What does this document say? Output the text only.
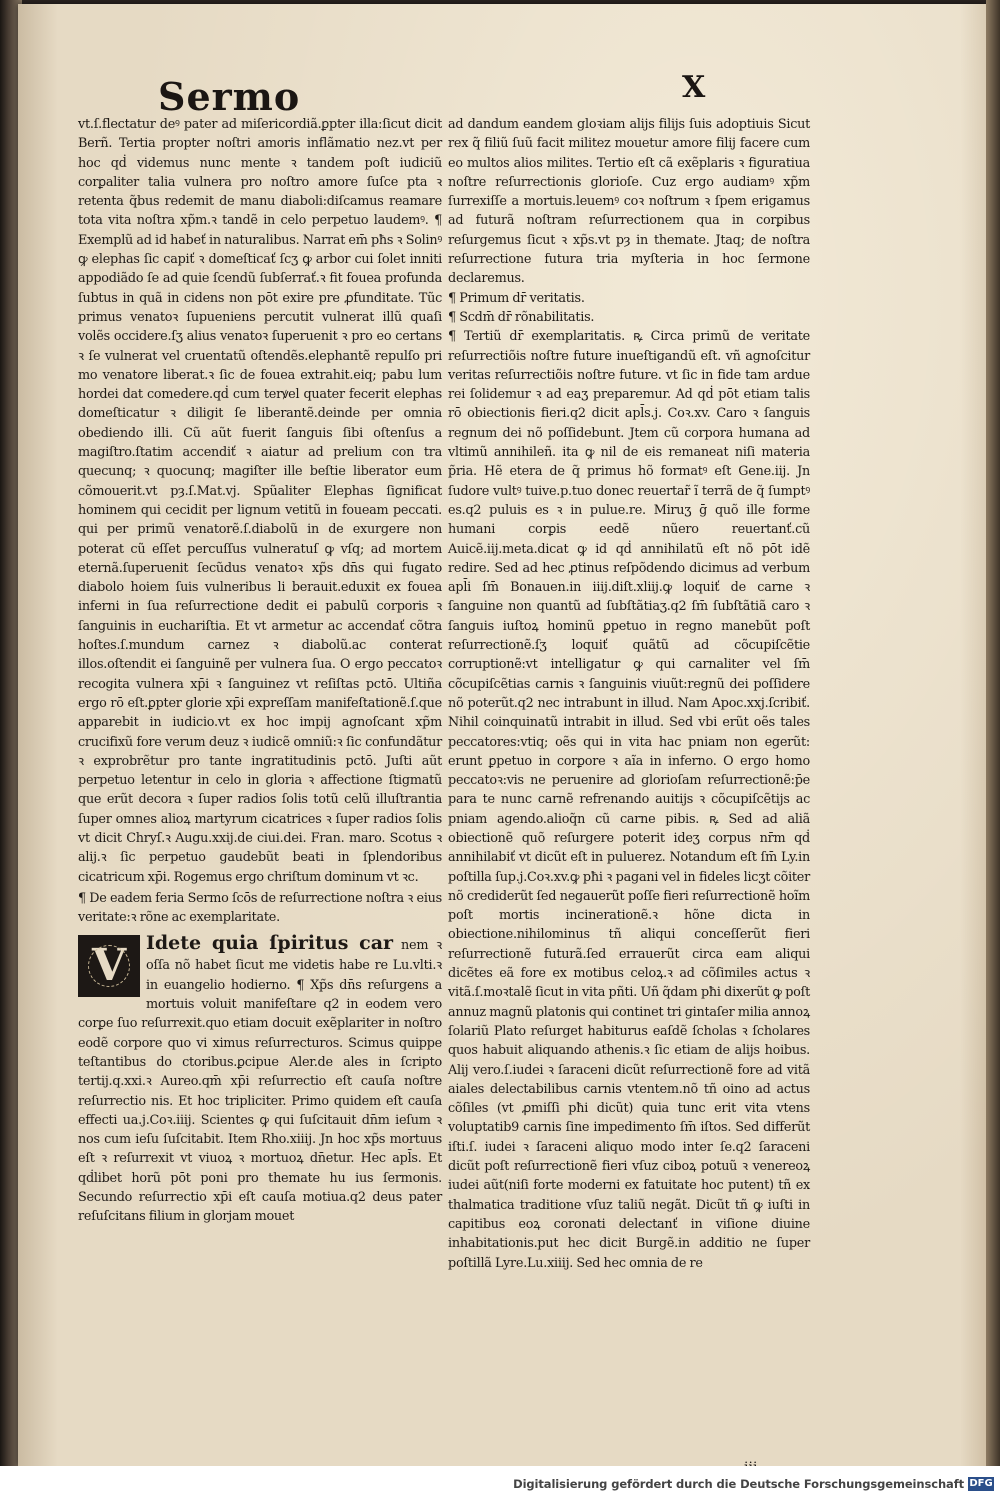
Sermo	X

vt.ſ.flectatur deꝰ pater ad miſericordiã.ꝑpter illa:ſicut dicit Berñ. Tertia propter noſtri amoris inflãmatio nez.vt per hoc qḋ videmus nunc mente ꝛ tandem poſt iudiciũ corꝑaliter talia vulnera pro noſtro amore ſuſce pta ꝛ retenta q̃bus redemit de manu diaboli:diſcamus reamare tota vita noſtra xp̃m.ꝛ tandẽ in celo perpetuo laudemꝰ. ¶ Exemplũ ad id habeť in naturalibus. Narrat em̄ pħs ꝛ Solinꝰ ꝙ elephas ſic capiť ꝛ domeſticať ſcʒ ꝙ arbor cui ſolet inniti appodiãdo ſe ad quie ſcendũ ſubſerrať.ꝛ fit fouea profunda ſubtus in quã in cidens non pōt exire pre ꝓfunditate. Tũc primus venatoꝛ ſupueniens percutit vulnerat illũ quaſi volẽs occidere.ſʒ alius venatoꝛ ſuperuenit ꝛ pro eo certans ꝛ ſe vulnerat vel cruentatũ oſtendẽs.elephantẽ repulſo pri mo venatore liberat.ꝛ ſic de fouea extrahit.eiq; pabu lum hordei dat comedere.qḋ cum terꝟel quater fecerit elephas domeſticatur ꝛ diligit ſe liberantẽ.deinde per omnia obediendo illi. Cũ aũt fuerit ſanguis ſibi oſtenſus a magiſtro.ſtatim accendiť ꝛ aiatur ad prelium con tra quecunq; ꝛ quocunq; magiſter ille beſtie liberator eum cõmouerit.vt pȝ.ſ.Mat.vj. Spũaliter Elephas ſignificat hominem qui cecidit per lignum vetitũ in foueam peccati. qui per primũ venatorẽ.ſ.diabolũ in de exurgere non poterat cũ eſſet percuſſus vulneratuſ ꝙ vſq; ad mortem eternã.ſuperuenit ſecũdus venatoꝛ xp̃s dn̄s qui fugato diabolo hoiem ſuis vulneribus li berauit.eduxit ex fouea inferni in ſua reſurrectione dedit ei pabulũ corporis ꝛ ſanguinis in euchariſtia. Et vt armetur ac accendať cõtra hoſtes.ſ.mundum carnez ꝛ diabolũ.ac conterat illos.oſtendit ei ſanguinẽ per vulnera ſua. O ergo peccatoꝛ recogita vulnera xp̄i ꝛ ſanguinez vt reſiſtas pctō. Ultiña ergo rō eſt.ꝑpter glorie xp̄i expreſſam manifeſtationẽ.ſ.que apparebit in iudicio.vt ex hoc impij agnoſcant xp̃m crucifixũ fore verum deuz ꝛ iudicẽ omniũ:ꝛ ſic confundãtur ꝛ exprobrẽtur pro tante ingratitudinis pctō. Juſti aũt perpetuo letentur in celo in gloria ꝛ affectione ſtigmatũ que erũt decora ꝛ ſuper radios ſolis totũ celũ illuſtrantia ſuper omnes alioꝝ martyrum cicatrices ꝛ ſuper radios ſolis vt dicit Chryſ.ꝛ Augu.xxij.de ciui.dei. Fran. maro. Scotus ꝛ alij.ꝛ ſic perpetuo gaudebũt beati in ſplendoribus cicatricum xp̄i. Rogemus ergo chriſtum dominum vt ꝛc.

¶ De eadem feria Sermo ſcōs de reſurrectione noſtra ꝛ eius veritate:ꝛ rõne ac exemplaritate.

V	Idete quia ſpiritus car nem ꝛ oſſa nõ habet ſicut me videtis habe re Lu.vlti.ꝛ in euangelio hodierno. ¶ Xp̃s dn̄s reſurgens a mortuis voluit manifeſtare q2 in eodem vero corꝑe ſuo reſurrexit.quo etiam docuit exẽplariter in noſtro eodẽ corpore quo vi ximus reſurrecturos. Scimus quippe teſtantibus do ctoribus.ꝑcipue Aler.de ales in ſcripto tertij.q.xxi.ꝛ Aureo.qm̄ xp̄i reſurrectio eſt cauſa noſtre reſurrectio nis. Et hoc tripliciter. Primo quidem eſt cauſa effecti ua.j.Coꝛ.iiij. Scientes ꝙ qui ſuſcitauit dn̄m ieſum ꝛ nos cum ieſu ſuſcitabit. Item Rho.xiiij. Jn hoc xp̃s mortuus eſt ꝛ reſurrexit vt viuoꝝ ꝛ mortuoꝝ dn̄etur. Hec apl̄s. Et qḋlibet horũ pōt poni pro themate hu ius ſermonis. Secundo reſurrectio xp̄i eſt cauſa motiua.q2 deus pater reſuſcitans filium in glorjam mouet

ad dandum eandem gloꝛiam alijs filijs ſuis adoptiuis Sicut rex q̃ filiũ ſuũ facit militez mouetur amore filij facere cum eo multos alios milites. Tertio eſt cã exẽplaris ꝛ figuratiua noſtre reſurrectionis glorioſe. Cuz ergo audiamꝰ xp̃m ſurrexiſſe a mortuis.leuemꝰ coꝛ noſtrum ꝛ ſpem erigamus ad futurã noſtram reſurrectionem qua in corꝑibus reſurgemus ſicut ꝛ xp̃s.vt pȝ in themate. Jtaq; de noſtra reſurrectione futura tria myſteria in hoc ſermone declaremus.

¶ Primum dr̄ veritatis.

¶ Scdm̄ dr̄ rõnabilitatis.

¶ Tertiũ dr̄ exemplaritatis. ꝶ Circa primũ de veritate reſurrectiõis noſtre future inueſtigandũ eſt. vñ agnoſcitur veritas reſurrectiõis noſtre future. vt ſic in fide tam ardue rei ſolidemur ꝛ ad eaʒ preparemur. Ad qḋ pōt etiam talis rō obiectionis fieri.q2 dicit apl̄s.j. Coꝛ.xv. Caro ꝛ ſanguis regnum dei nõ poſſidebunt. Jtem cũ corpora humana ad vltimũ annihileñ. ita ꝙ nil de eis remaneat niſi materia p̃ria. Hẽ etera de q̃ primus hõ formatꝰ eſt Gene.iij. Jn ſudore vultꝰ tuive.p.tuo donec reuertar̃ ĩ terrã de q̃ ſumptꝰ es.q2 puluis es ꝛ in pulue.re. Miruʒ ḡ quõ ille forme humani corꝑis eedẽ nũero reuertanť.cũ Auicẽ.iij.meta.dicat ꝙ id qḋ annihilatũ eſt nõ pōt idẽ redire. Sed ad hec ꝓtinus reſpõdendo dicimus ad verbum apl̄i ſm̄ Bonauen.in iiij.diſt.xliij.ꝙ loquiť de carne ꝛ ſanguine non quantũ ad ſubſtãtiaʒ.q2 ſm̄ ſubſtãtiã caro ꝛ ſanguis iuſtoꝝ hominũ ꝑpetuo in regno manebũt poſt reſurrectionẽ.ſʒ loquiť quãtũ ad cõcupiſcẽtie corruptionẽ:vt intelligatur ꝙ qui carnaliter vel ſm̄ cõcupiſcẽtias carnis ꝛ ſanguinis viuũt:regnũ dei poſſidere nõ poterũt.q2 nec intrabunt in illud. Nam Apoc.xxj.ſcribiť. Nihil coinquinatũ intrabit in illud. Sed vbi erũt oẽs tales peccatores:vtiq; oẽs qui in vita hac pniam non egerũt: erunt ꝑpetuo in corꝑore ꝛ aĩa in inferno. O ergo homo peccatoꝛ:vis ne peruenire ad glorioſam reſurrectionẽ:p̄e para te nunc carnẽ refrenando auitijs ꝛ cõcupiſcẽtijs ac pniam agendo.alioq̃n cũ carne pibis. ꝶ Sed ad aliã obiectionẽ quõ reſurgere poterit ideʒ corpus nr̄m qḋ annihilabiť vt dicũt eſt in puluerez. Notandum eſt ſm̄ Ly.in poſtilla ſup.j.Coꝛ.xv.ꝙ pħi ꝛ pagani vel in fideles licʒt cõiter nõ crediderũt ſed negauerũt poſſe fieri reſurrectionẽ hoĩm poſt mortis incinerationẽ.ꝛ hõne dicta in obiectione.nihilominus tñ aliqui conceſſerũt fieri reſurrectionẽ futurã.ſed errauerũt circa eam aliqui dicẽtes eã fore ex motibus celoꝝ.ꝛ ad cõſimiles actus ꝛ vitã.ſ.moꝛtalẽ ſicut in vita pñti. Uñ q̃dam pħi dixerũt ꝙ poſt annuz magnũ platonis qui continet tri gintaſer milia annoꝝ ſolariũ Plato reſurget habiturus eaſdẽ ſcholas ꝛ ſcholares quos habuit aliquando athenis.ꝛ ſic etiam de alijs hoibus. Alij vero.ſ.iudei ꝛ ſaraceni dicũt reſurrectionẽ fore ad vitã aiales delectabilibus carnis vtentem.nõ tñ oino ad actus cõſiles (vt ꝓmiſſi pħi dicũt) quia tunc erit vita vtens voluptatib9 carnis ſine impedimento ſm̄ iſtos. Sed differũt iſti.ſ. iudei ꝛ ſaraceni aliquo modo inter ſe.q2 ſaraceni dicũt poſt reſurrectionẽ fieri vſuz ciboꝝ potuũ ꝛ venereoꝝ iudei aũt(niſi forte moderni ex fatuitate hoc putent) tñ ex thalmatica traditione vſuz taliũ negãt. Dicũt tñ ꝙ iuſti in capitibus eoꝝ coronati delectanť in viſione diuine inhabitationis.put hec dicit Burgẽ.in additio ne ſuper poſtillã Lyre.Lu.xiiij. Sed hec omnia de re

Digitalisierung gefördert durch die Deutsche Forschungsgemeinschaft DFG
